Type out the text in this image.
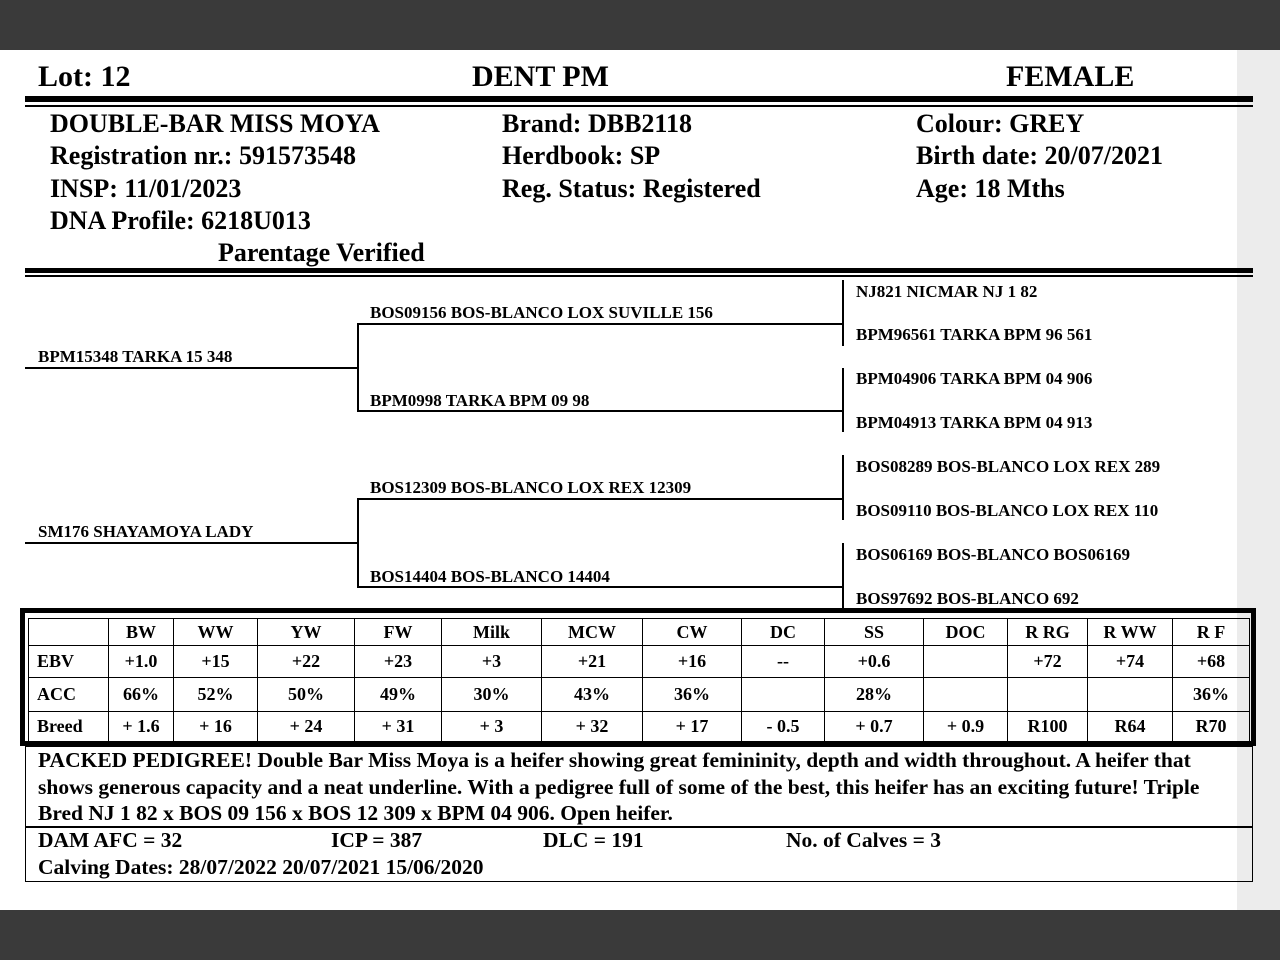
Lot: 12	DENT PM	FEMALE
DOUBLE-BAR MISS MOYA
Registration nr.: 591573548
INSP: 11/01/2023
DNA Profile: 6218U013
Parentage Verified
Brand: DBB2118
Herdbook: SP
Reg. Status: Registered
Colour: GREY
Birth date: 20/07/2021
Age: 18 Mths
BPM15348 TARKA 15 348
SM176 SHAYAMOYA LADY
BOS09156 BOS-BLANCO LOX SUVILLE 156
BPM0998 TARKA BPM 09 98
BOS12309 BOS-BLANCO LOX REX 12309
BOS14404 BOS-BLANCO 14404
NJ821 NICMAR NJ 1 82
BPM96561 TARKA BPM 96 561
BPM04906 TARKA BPM 04 906
BPM04913 TARKA BPM 04 913
BOS08289 BOS-BLANCO LOX REX 289
BOS09110 BOS-BLANCO LOX REX 110
BOS06169 BOS-BLANCO BOS06169
BOS97692 BOS-BLANCO 692
	BW	WW	YW	FW	Milk	MCW	CW	DC	SS	DOC	R RG	R WW	R F
EBV	+1.0	+15	+22	+23	+3	+21	+16	--	+0.6		+72	+74	+68
ACC	66%	52%	50%	49%	30%	43%	36%		28%				36%
Breed	+ 1.6	+ 16	+ 24	+ 31	+ 3	+ 32	+ 17	- 0.5	+ 0.7	+ 0.9	R100	R64	R70
PACKED PEDIGREE! Double Bar Miss Moya is a heifer showing great femininity, depth and width throughout. A heifer that shows generous capacity and a neat underline. With a pedigree full of some of the best, this heifer has an exciting future! Triple Bred NJ 1 82 x BOS 09 156 x BOS 12 309 x BPM 04 906. Open heifer.
DAM AFC = 32	ICP = 387	DLC = 191	No. of Calves = 3
Calving Dates: 28/07/2022 20/07/2021 15/06/2020
